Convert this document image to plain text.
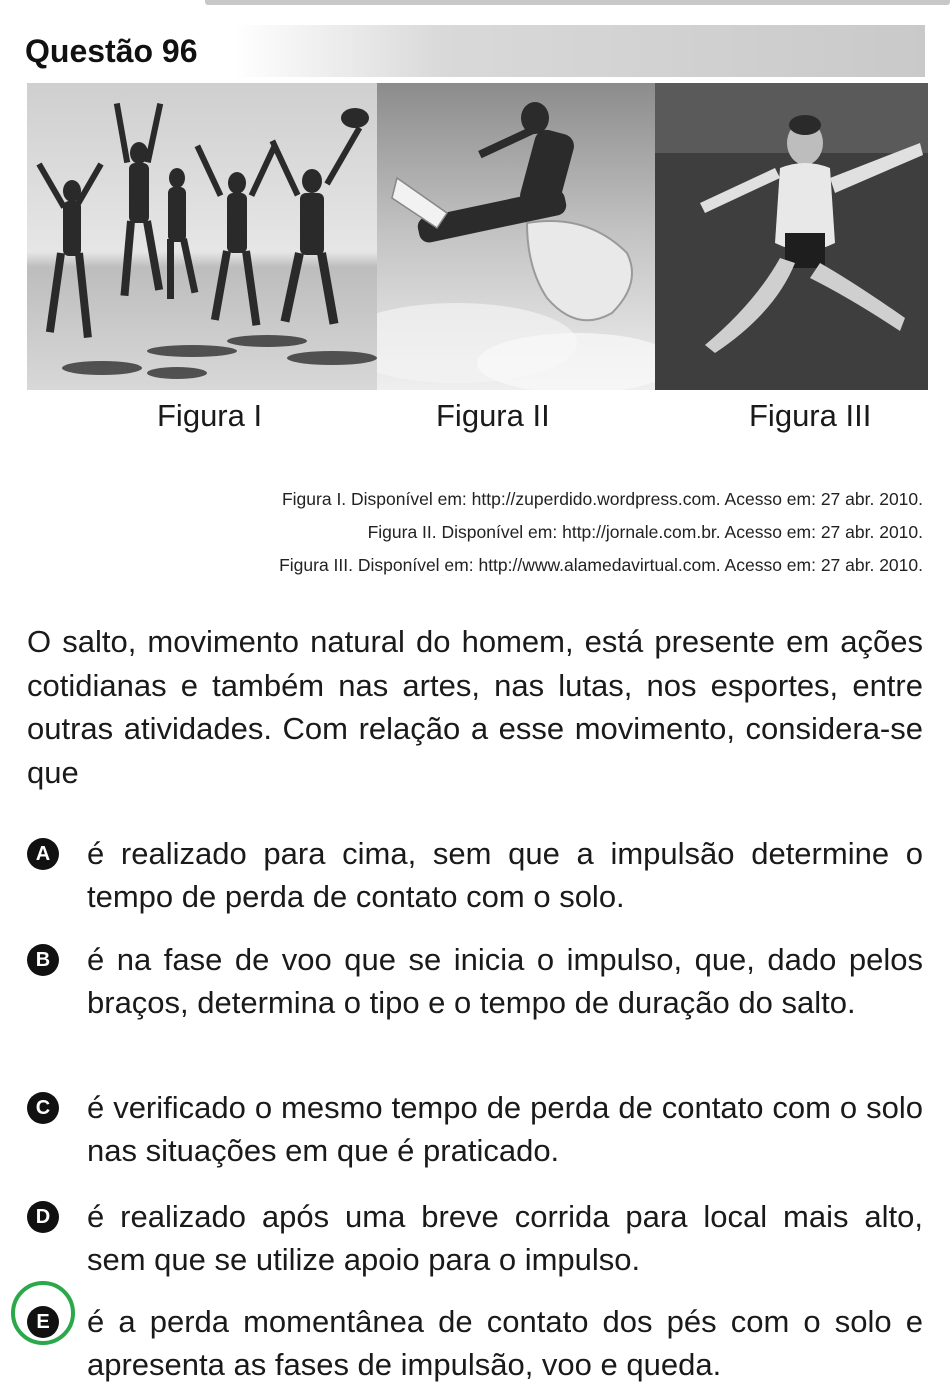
Questão 96
Figura I	Figura II	Figura III
Figura I. Disponível em: http://zuperdido.wordpress.com. Acesso em: 27 abr. 2010.
Figura II. Disponível em: http://jornale.com.br. Acesso em: 27 abr. 2010.
Figura III. Disponível em: http://www.alamedavirtual.com. Acesso em: 27 abr. 2010.

O salto, movimento natural do homem, está presente em ações cotidianas e também nas artes, nas lutas, nos esportes, entre outras atividades. Com relação a esse movimento, considera-se que

A é realizado para cima, sem que a impulsão determine o tempo de perda de contato com o solo.
B é na fase de voo que se inicia o impulso, que, dado pelos braços, determina o tipo e o tempo de duração do salto.
C é verificado o mesmo tempo de perda de contato com o solo nas situações em que é praticado.
D é realizado após uma breve corrida para local mais alto, sem que se utilize apoio para o impulso.
E	é a perda momentânea de contato dos pés com o solo e apresenta as fases de impulsão, voo e queda.
